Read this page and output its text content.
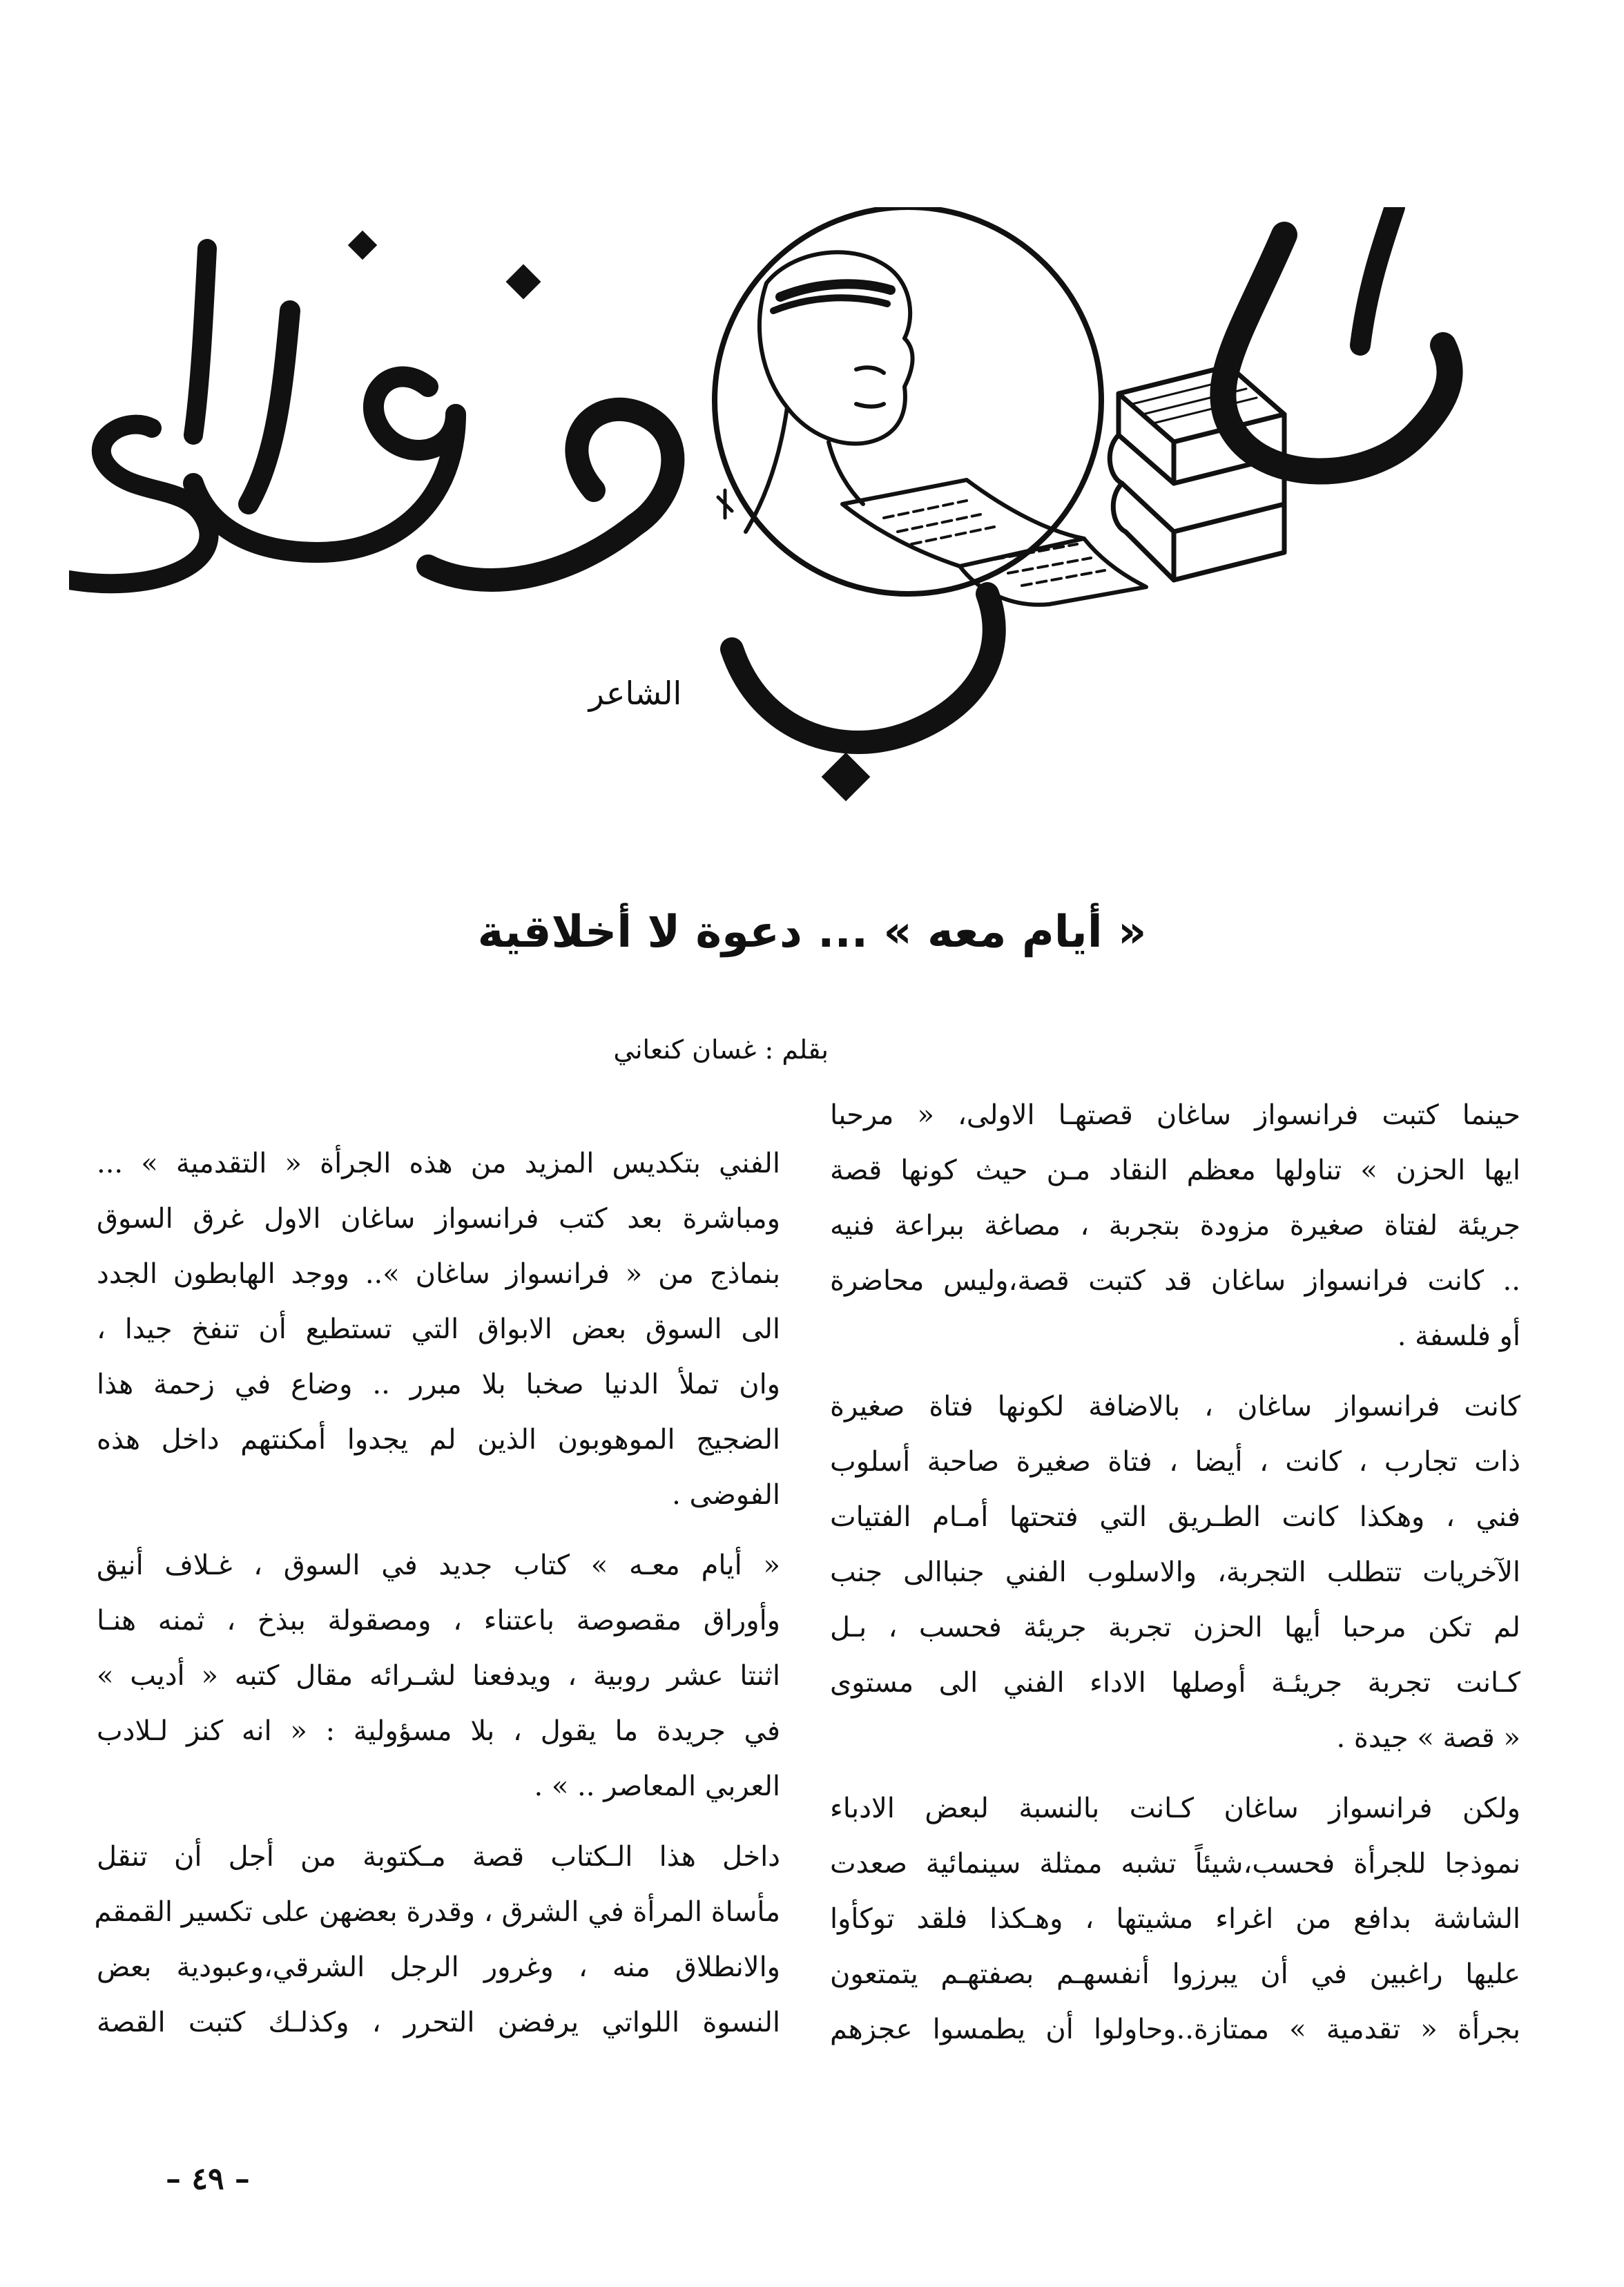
الشاعر
« أيام معه » ... دعوة لا أخلاقية
بقلم : غسان كنعاني

حينما كتبت فرانسواز ساغان قصتهـا الاولى، « مرحبا
ايها الحزن » تناولها معظم النقاد مـن حيث كونها قصة
جريئة لفتاة صغيرة مزودة بتجربة ، مصاغة ببراعة فنيه
.. كانت فرانسواز ساغان قد كتبت قصة،وليس محاضرة
أو فلسفة .

كانت فرانسواز ساغان ، بالاضافة لكونها فتاة صغيرة
ذات تجارب ، كانت ، أيضا ، فتاة صغيرة صاحبة أسلوب
فني ، وهكذا كانت الطـريق التي فتحتها أمـام الفتيات
الآخريات تتطلب التجربة، والاسلوب الفني جنباالى جنب
لم تكن مرحبا أيها الحزن تجربة جريئة فحسب ، بـل
كـانت تجربة جريئـة أوصلها الاداء الفني الى مستوى
« قصة » جيدة .

ولكن فرانسواز ساغان كـانت بالنسبة لبعض الادباء
نموذجا للجرأة فحسب،شيئاً تشبه ممثلة سينمائية صعدت
الشاشة بدافع من اغراء مشيتها ، وهـكذا فلقد توكأوا
عليها راغبين في أن يبرزوا أنفسهـم بصفتهـم يتمتعون
بجرأة « تقدمية » ممتازة..وحاولوا أن يطمسوا عجزهم

الفني بتكديس المزيد من هذه الجرأة « التقدمية » ...
ومباشرة بعد كتب فرانسواز ساغان الاول غرق السوق
بنماذج من « فرانسواز ساغان ».. ووجد الهابطون الجدد
الى السوق بعض الابواق التي تستطيع أن تنفخ جيدا ،
وان تملأ الدنيا صخبا بلا مبرر .. وضاع في زحمة هذا
الضجيج الموهوبون الذين لم يجدوا أمكنتهم داخل هذه
الفوضى .

« أيام معـه » كتاب جديد في السوق ، غـلاف أنيق
وأوراق مقصوصة باعتناء ، ومصقولة ببذخ ، ثمنه هنـا
اثنتا عشر روبية ، ويدفعنا لشـرائه مقال كتبه « أديب »
في جريدة ما يقول ، بلا مسؤولية : « انه كنز لـلادب
العربي المعاصر .. » .

داخل هذا الـكتاب قصة مـكتوبة من أجل أن تنقل
مأساة المرأة في الشرق ، وقدرة بعضهن على تكسير القمقم
والانطلاق منه ، وغرور الرجل الشرقي،وعبودية بعض
النسوة اللواتي يرفضن التحرر ، وكذلـك كتبت القصة

– ٤٩ –
